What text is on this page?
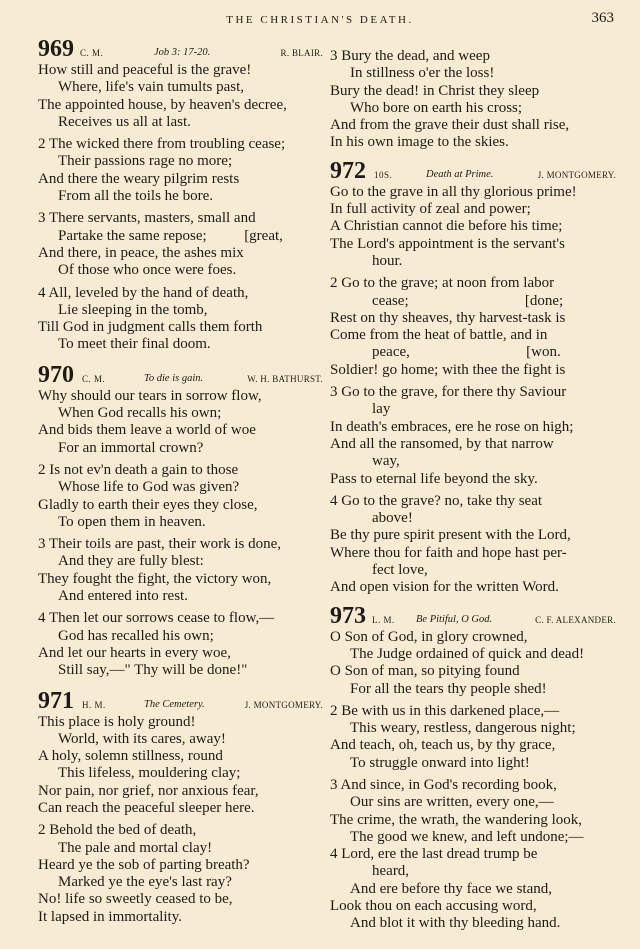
THE CHRISTIAN'S DEATH.	363
969 C. M.	Job 3: 17-20.	R. BLAIR.
How still and peaceful is the grave!
Where, life's vain tumults past,
The appointed house, by heaven's decree,
Receives us all at last.
2 The wicked there from troubling cease;
Their passions rage no more;
And there the weary pilgrim rests
From all the toils he bore.
3 There servants, masters, small and
Partake the same repose;          [great,
And there, in peace, the ashes mix
Of those who once were foes.
4 All, leveled by the hand of death,
Lie sleeping in the tomb,
Till God in judgment calls them forth
To meet their final doom.
970 C. M.	To die is gain.	W. H. BATHURST.
Why should our tears in sorrow flow,
When God recalls his own;
And bids them leave a world of woe
For an immortal crown?
2 Is not ev'n death a gain to those
Whose life to God was given?
Gladly to earth their eyes they close,
To open them in heaven.
3 Their toils are past, their work is done,
And they are fully blest:
They fought the fight, the victory won,
And entered into rest.
4 Then let our sorrows cease to flow,—
God has recalled his own;
And let our hearts in every woe,
Still say,—" Thy will be done!"
971 H. M.	The Cemetery.	J. MONTGOMERY.
This place is holy ground!
World, with its cares, away!
A holy, solemn stillness, round
This lifeless, mouldering clay;
Nor pain, nor grief, nor anxious fear,
Can reach the peaceful sleeper here.
2 Behold the bed of death,
The pale and mortal clay!
Heard ye the sob of parting breath?
Marked ye the eye's last ray?
No! life so sweetly ceased to be,
It lapsed in immortality.
3 Bury the dead, and weep
In stillness o'er the loss!
Bury the dead! in Christ they sleep
Who bore on earth his cross;
And from the grave their dust shall rise,
In his own image to the skies.
972 10S.	Death at Prime.	J. MONTGOMERY.
Go to the grave in all thy glorious prime!
In full activity of zeal and power;
A Christian cannot die before his time;
The Lord's appointment is the servant's
hour.
2 Go to the grave; at noon from labor
cease;                               [done;
Rest on thy sheaves, thy harvest-task is
Come from the heat of battle, and in
peace,                               [won.
Soldier! go home; with thee the fight is
3 Go to the grave, for there thy Saviour
lay
In death's embraces, ere he rose on high;
And all the ransomed, by that narrow
way,
Pass to eternal life beyond the sky.
4 Go to the grave? no, take thy seat
above!
Be thy pure spirit present with the Lord,
Where thou for faith and hope hast per-
fect love,
And open vision for the written Word.
973 L. M. Be Pitiful, O God.	C. F. ALEXANDER.
O Son of God, in glory crowned,
The Judge ordained of quick and dead!
O Son of man, so pitying found
For all the tears thy people shed!
2 Be with us in this darkened place,—
This weary, restless, dangerous night;
And teach, oh, teach us, by thy grace,
To struggle onward into light!
3 And since, in God's recording book,
Our sins are written, every one,—
The crime, the wrath, the wandering look,
The good we knew, and left undone;—
4 Lord, ere the last dread trump be
heard,
And ere before thy face we stand,
Look thou on each accusing word,
And blot it with thy bleeding hand.
